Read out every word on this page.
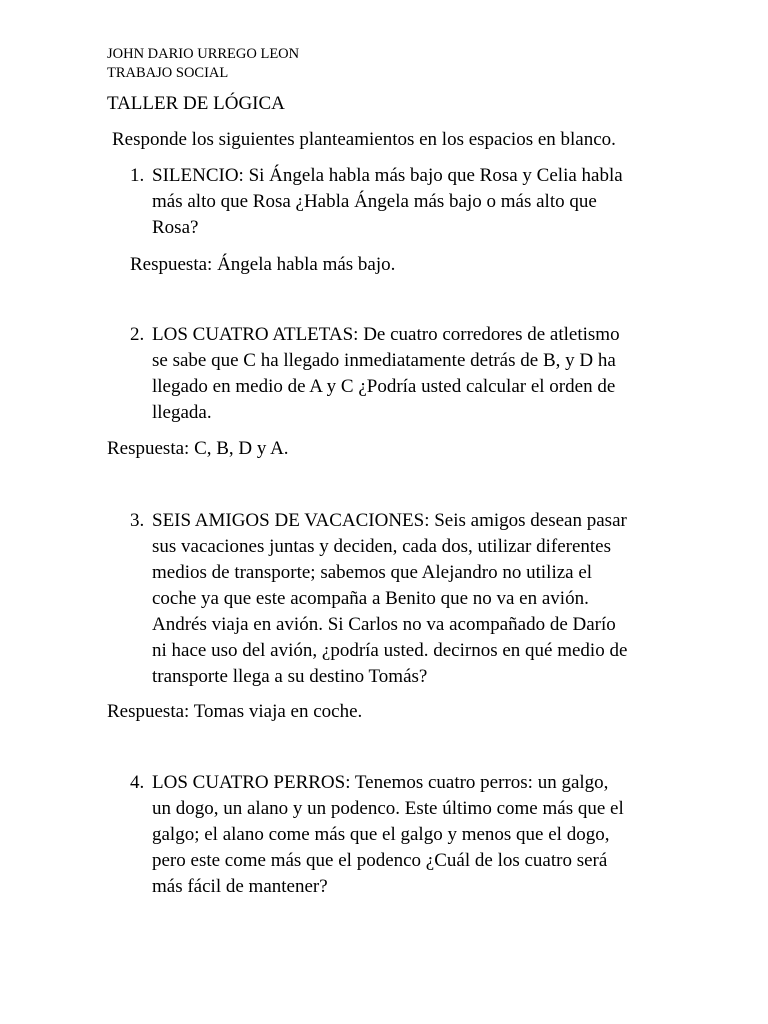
JOHN DARIO URREGO LEON
TRABAJO SOCIAL
TALLER DE LÓGICA
Responde los siguientes planteamientos en los espacios en blanco.
1. SILENCIO: Si Ángela habla más bajo que Rosa y Celia habla
más alto que Rosa ¿Habla Ángela más bajo o más alto que
Rosa?
Respuesta: Ángela habla más bajo.
2. LOS CUATRO ATLETAS: De cuatro corredores de atletismo
se sabe que C ha llegado inmediatamente detrás de B, y D ha
llegado en medio de A y C ¿Podría usted calcular el orden de
llegada.
Respuesta: C, B, D y A.
3. SEIS AMIGOS DE VACACIONES: Seis amigos desean pasar
sus vacaciones juntas y deciden, cada dos, utilizar diferentes
medios de transporte; sabemos que Alejandro no utiliza el
coche ya que este acompaña a Benito que no va en avión.
Andrés viaja en avión. Si Carlos no va acompañado de Darío
ni hace uso del avión, ¿podría usted. decirnos en qué medio de
transporte llega a su destino Tomás?
Respuesta: Tomas viaja en coche.
4. LOS CUATRO PERROS: Tenemos cuatro perros: un galgo,
un dogo, un alano y un podenco. Este último come más que el
galgo; el alano come más que el galgo y menos que el dogo,
pero este come más que el podenco ¿Cuál de los cuatro será
más fácil de mantener?
